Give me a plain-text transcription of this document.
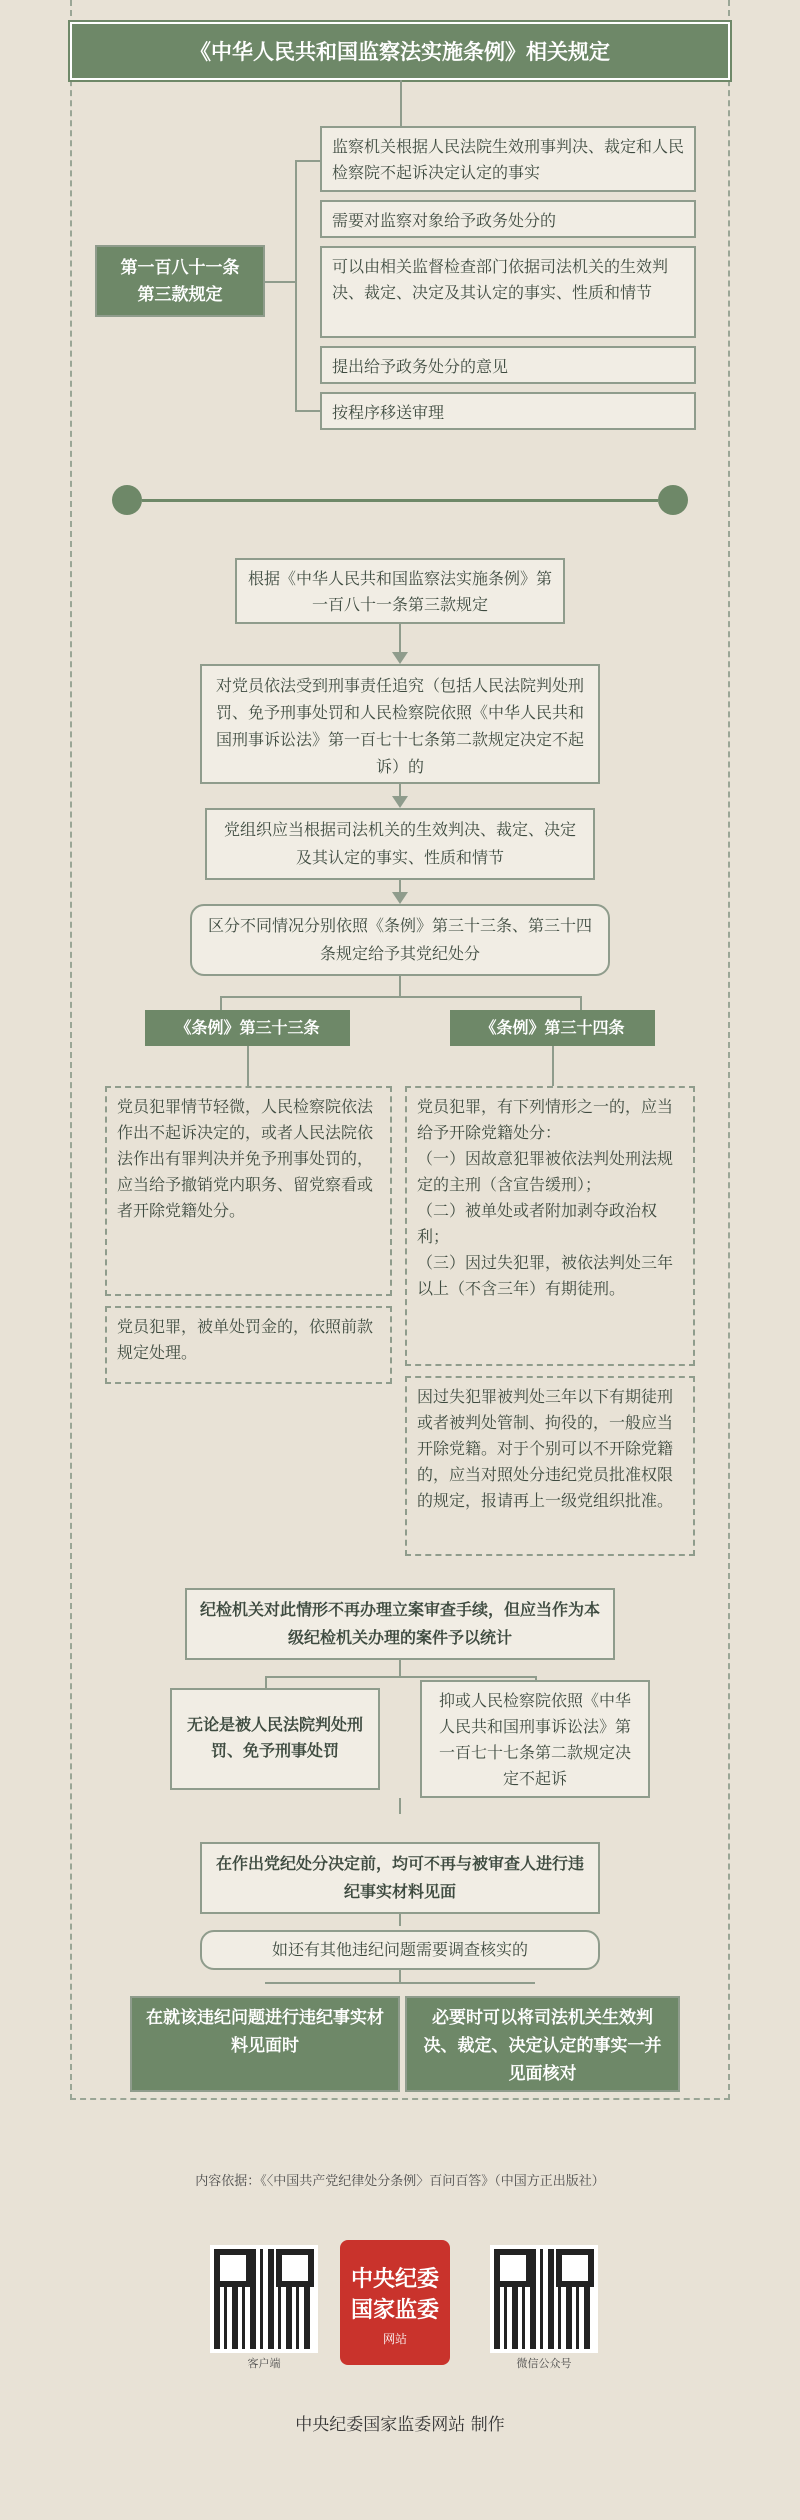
《中华人民共和国监察法实施条例》相关规定
第一百八十一条
第三款规定
监察机关根据人民法院生效刑事判决、裁定和人民检察院不起诉决定认定的事实
需要对监察对象给予政务处分的
可以由相关监督检查部门依据司法机关的生效判决、裁定、决定及其认定的事实、性质和情节
提出给予政务处分的意见
按程序移送审理
根据《中华人民共和国监察法实施条例》第一百八十一条第三款规定
对党员依法受到刑事责任追究（包括人民法院判处刑罚、免予刑事处罚和人民检察院依照《中华人民共和国刑事诉讼法》第一百七十七条第二款规定决定不起诉）的
党组织应当根据司法机关的生效判决、裁定、决定及其认定的事实、性质和情节
区分不同情况分别依照《条例》第三十三条、第三十四条规定给予其党纪处分
《条例》第三十三条	《条例》第三十四条
党员犯罪情节轻微，人民检察院依法作出不起诉决定的，或者人民法院依法作出有罪判决并免予刑事处罚的，应当给予撤销党内职务、留党察看或者开除党籍处分。
党员犯罪，被单处罚金的，依照前款规定处理。
党员犯罪，有下列情形之一的，应当给予开除党籍处分：
（一）因故意犯罪被依法判处刑法规定的主刑（含宣告缓刑）；
（二）被单处或者附加剥夺政治权利；
（三）因过失犯罪，被依法判处三年以上（不含三年）有期徒刑。
因过失犯罪被判处三年以下有期徒刑或者被判处管制、拘役的，一般应当开除党籍。对于个别可以不开除党籍的，应当对照处分违纪党员批准权限的规定，报请再上一级党组织批准。
纪检机关对此情形不再办理立案审查手续，但应当作为本级纪检机关办理的案件予以统计
无论是被人民法院判处刑罚、免予刑事处罚
抑或人民检察院依照《中华人民共和国刑事诉讼法》第一百七十七条第二款规定决定不起诉
在作出党纪处分决定前，均可不再与被审查人进行违纪事实材料见面
如还有其他违纪问题需要调查核实的
在就该违纪问题进行违纪事实材料见面时
必要时可以将司法机关生效判决、裁定、决定认定的事实一并见面核对
内容依据：《〈中国共产党纪律处分条例〉百问百答》（中国方正出版社）
客户端
中央纪委
国家监委
网站
微信公众号
中央纪委国家监委网站 制作
